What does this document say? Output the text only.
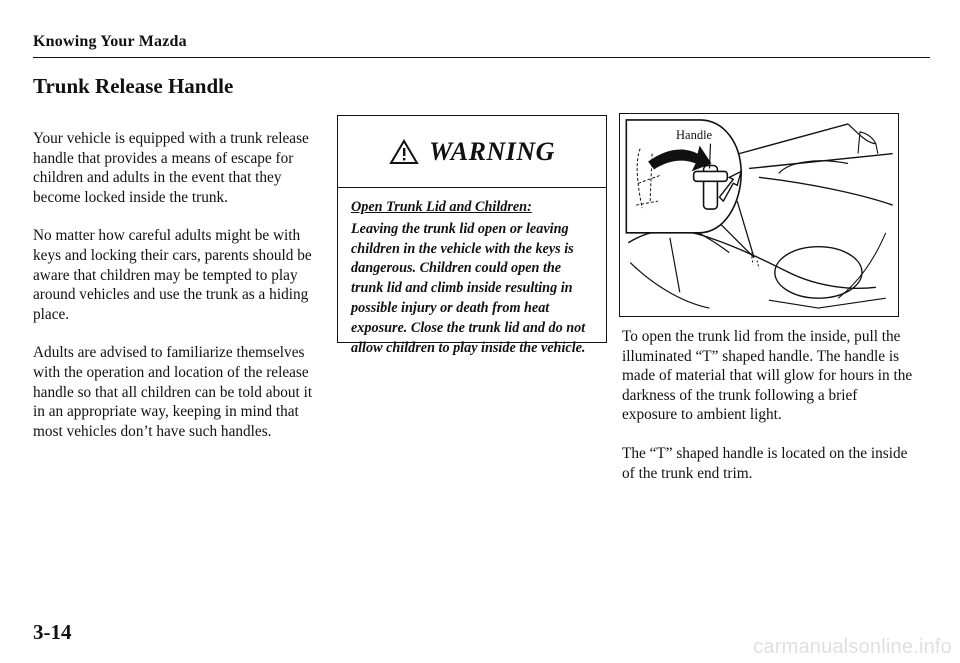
Knowing Your Mazda
Trunk Release Handle

Your vehicle is equipped with a trunk release handle that provides a means of escape for children and adults in the event that they become locked inside the trunk.

No matter how careful adults might be with keys and locking their cars, parents should be aware that children may be tempted to play around vehicles and use the trunk as a hiding place.

Adults are advised to familiarize themselves with the operation and location of the release handle so that all children can be told about it in an appropriate way, keeping in mind that most vehicles don’t have such handles.

WARNING
Open Trunk Lid and Children:
Leaving the trunk lid open or leaving children in the vehicle with the keys is dangerous. Children could open the trunk lid and climb inside resulting in possible injury or death from heat exposure. Close the trunk lid and do not allow children to play inside the vehicle.
Handle

To open the trunk lid from the inside, pull the illuminated “T” shaped handle. The handle is made of material that will glow for hours in the darkness of the trunk following a brief exposure to ambient light.

The “T” shaped handle is located on the inside of the trunk end trim.

3-14
carmanualsonline.info
